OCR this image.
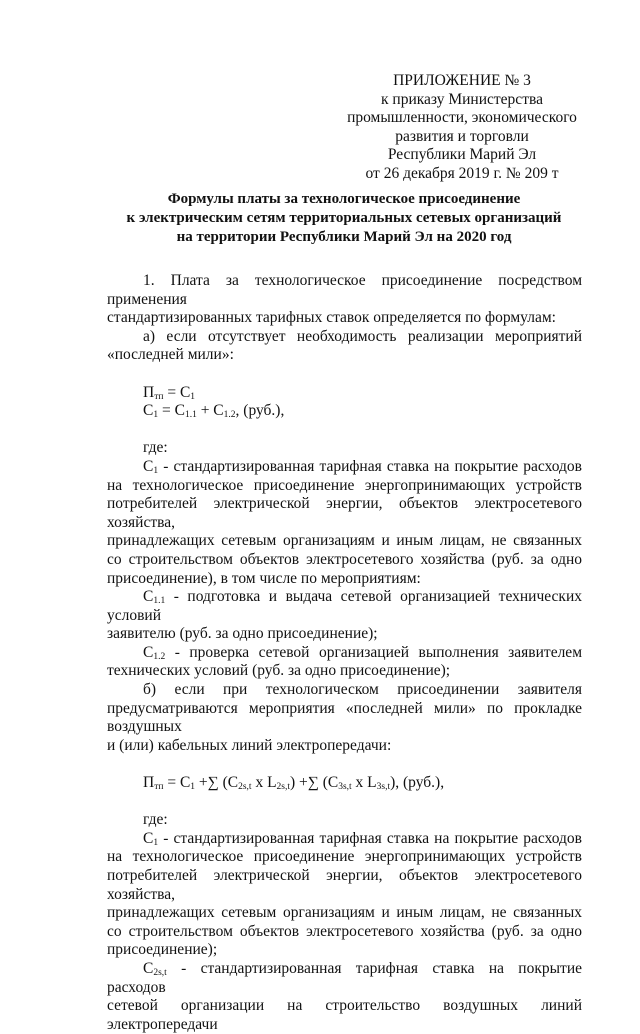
ПРИЛОЖЕНИЕ № 3
к приказу Министерства
промышленности, экономического
развития и торговли
Республики Марий Эл
от 26 декабря 2019 г. № 209 т
Формулы платы за технологическое присоединение
к электрическим сетям территориальных сетевых организаций
на территории Республики Марий Эл на 2020 год
1. Плата за технологическое присоединение посредством применения
стандартизированных тарифных ставок определяется по формулам:
а) если отсутствует необходимость реализации мероприятий
«последней мили»:
$П_{тп} = С_1$
$С_1 = С_{1.1} + С_{1.2}$, (руб.),
где:
$С_1$ - стандартизированная тарифная ставка на покрытие расходов
на технологическое присоединение энергопринимающих устройств
потребителей электрической энергии, объектов электросетевого хозяйства,
принадлежащих сетевым организациям и иным лицам, не связанных
со строительством объектов электросетевого хозяйства (руб. за одно
присоединение), в том числе по мероприятиям:
$С_{1.1}$ - подготовка и выдача сетевой организацией технических условий
заявителю (руб. за одно присоединение);
$С_{1.2}$ - проверка сетевой организацией выполнения заявителем
технических условий (руб. за одно присоединение);
б) если при технологическом присоединении заявителя
предусматриваются мероприятия «последней мили» по прокладке воздушных
и (или) кабельных линий электропередачи:
$П_{тп} = С_1$ +∑ ($С_{2s,t}$ х $L_{2s,t}$) +∑ ($С_{3s,t}$ х $L_{3s,t}$), (руб.),
где:
$С_1$ - стандартизированная тарифная ставка на покрытие расходов
на технологическое присоединение энергопринимающих устройств
потребителей электрической энергии, объектов электросетевого хозяйства,
принадлежащих сетевым организациям и иным лицам, не связанных
со строительством объектов электросетевого хозяйства (руб. за одно
присоединение);
$С_{2s,t}$ - стандартизированная тарифная ставка на покрытие расходов
сетевой организации на строительство воздушных линий электропередачи
